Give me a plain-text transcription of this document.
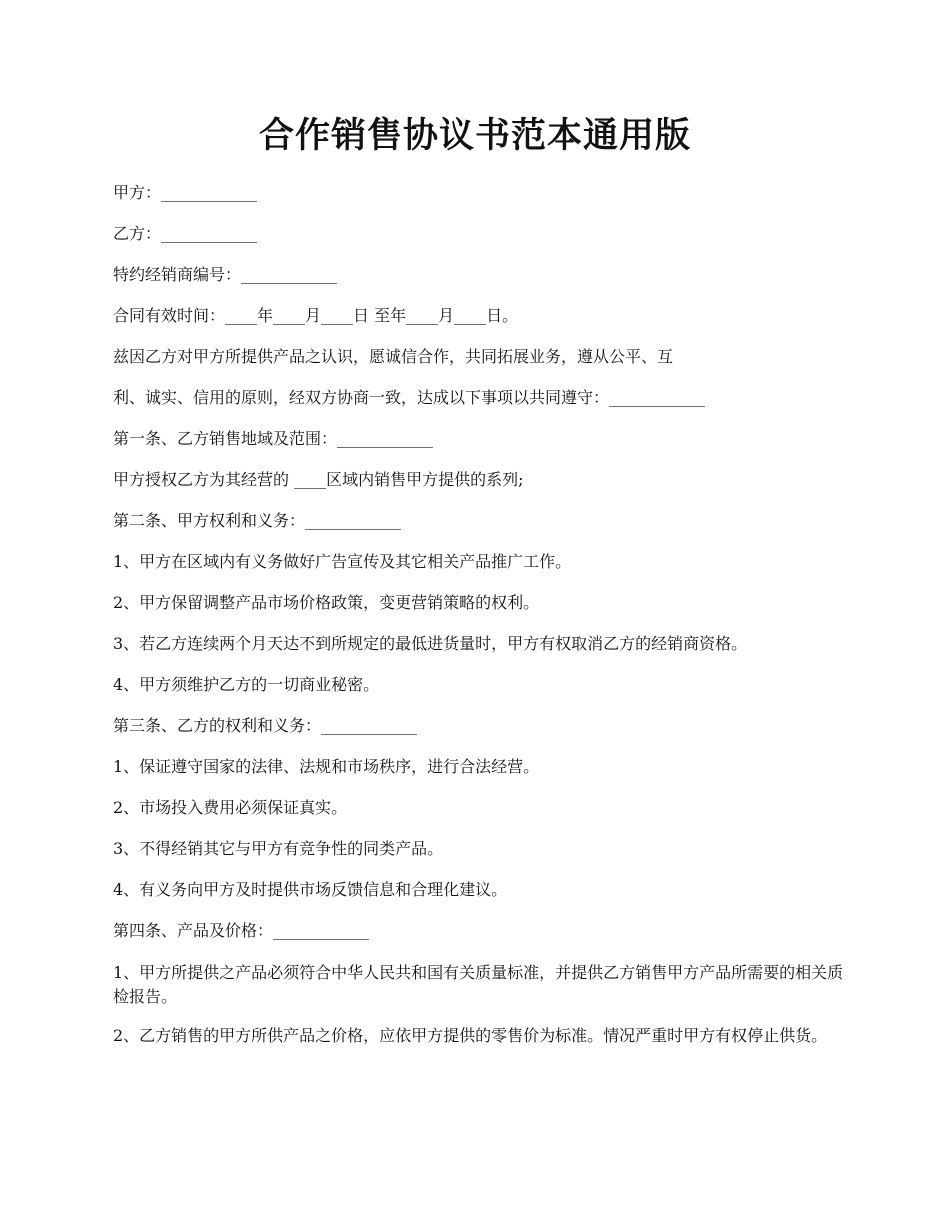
合作销售协议书范本通用版

甲方：____________

乙方：____________

特约经销商编号：____________

合同有效时间：____年____月____日 至年____月____日。

兹因乙方对甲方所提供产品之认识，愿诚信合作，共同拓展业务，遵从公平、互

利、诚实、信用的原则，经双方协商一致，达成以下事项以共同遵守：____________

第一条、乙方销售地域及范围：____________

甲方授权乙方为其经营的 ____区域内销售甲方提供的系列;

第二条、甲方权利和义务：____________

1、甲方在区域内有义务做好广告宣传及其它相关产品推广工作。

2、甲方保留调整产品市场价格政策，变更营销策略的权利。

3、若乙方连续两个月天达不到所规定的最低进货量时，甲方有权取消乙方的经销商资格。

4、甲方须维护乙方的一切商业秘密。

第三条、乙方的权利和义务：____________

1、保证遵守国家的法律、法规和市场秩序，进行合法经营。

2、市场投入费用必须保证真实。

3、不得经销其它与甲方有竞争性的同类产品。

4、有义务向甲方及时提供市场反馈信息和合理化建议。

第四条、产品及价格：____________

1、甲方所提供之产品必须符合中华人民共和国有关质量标准，并提供乙方销售甲方产品所需要的相关质检报告。

2、乙方销售的甲方所供产品之价格，应依甲方提供的零售价为标准。情况严重时甲方有权停止供货。
